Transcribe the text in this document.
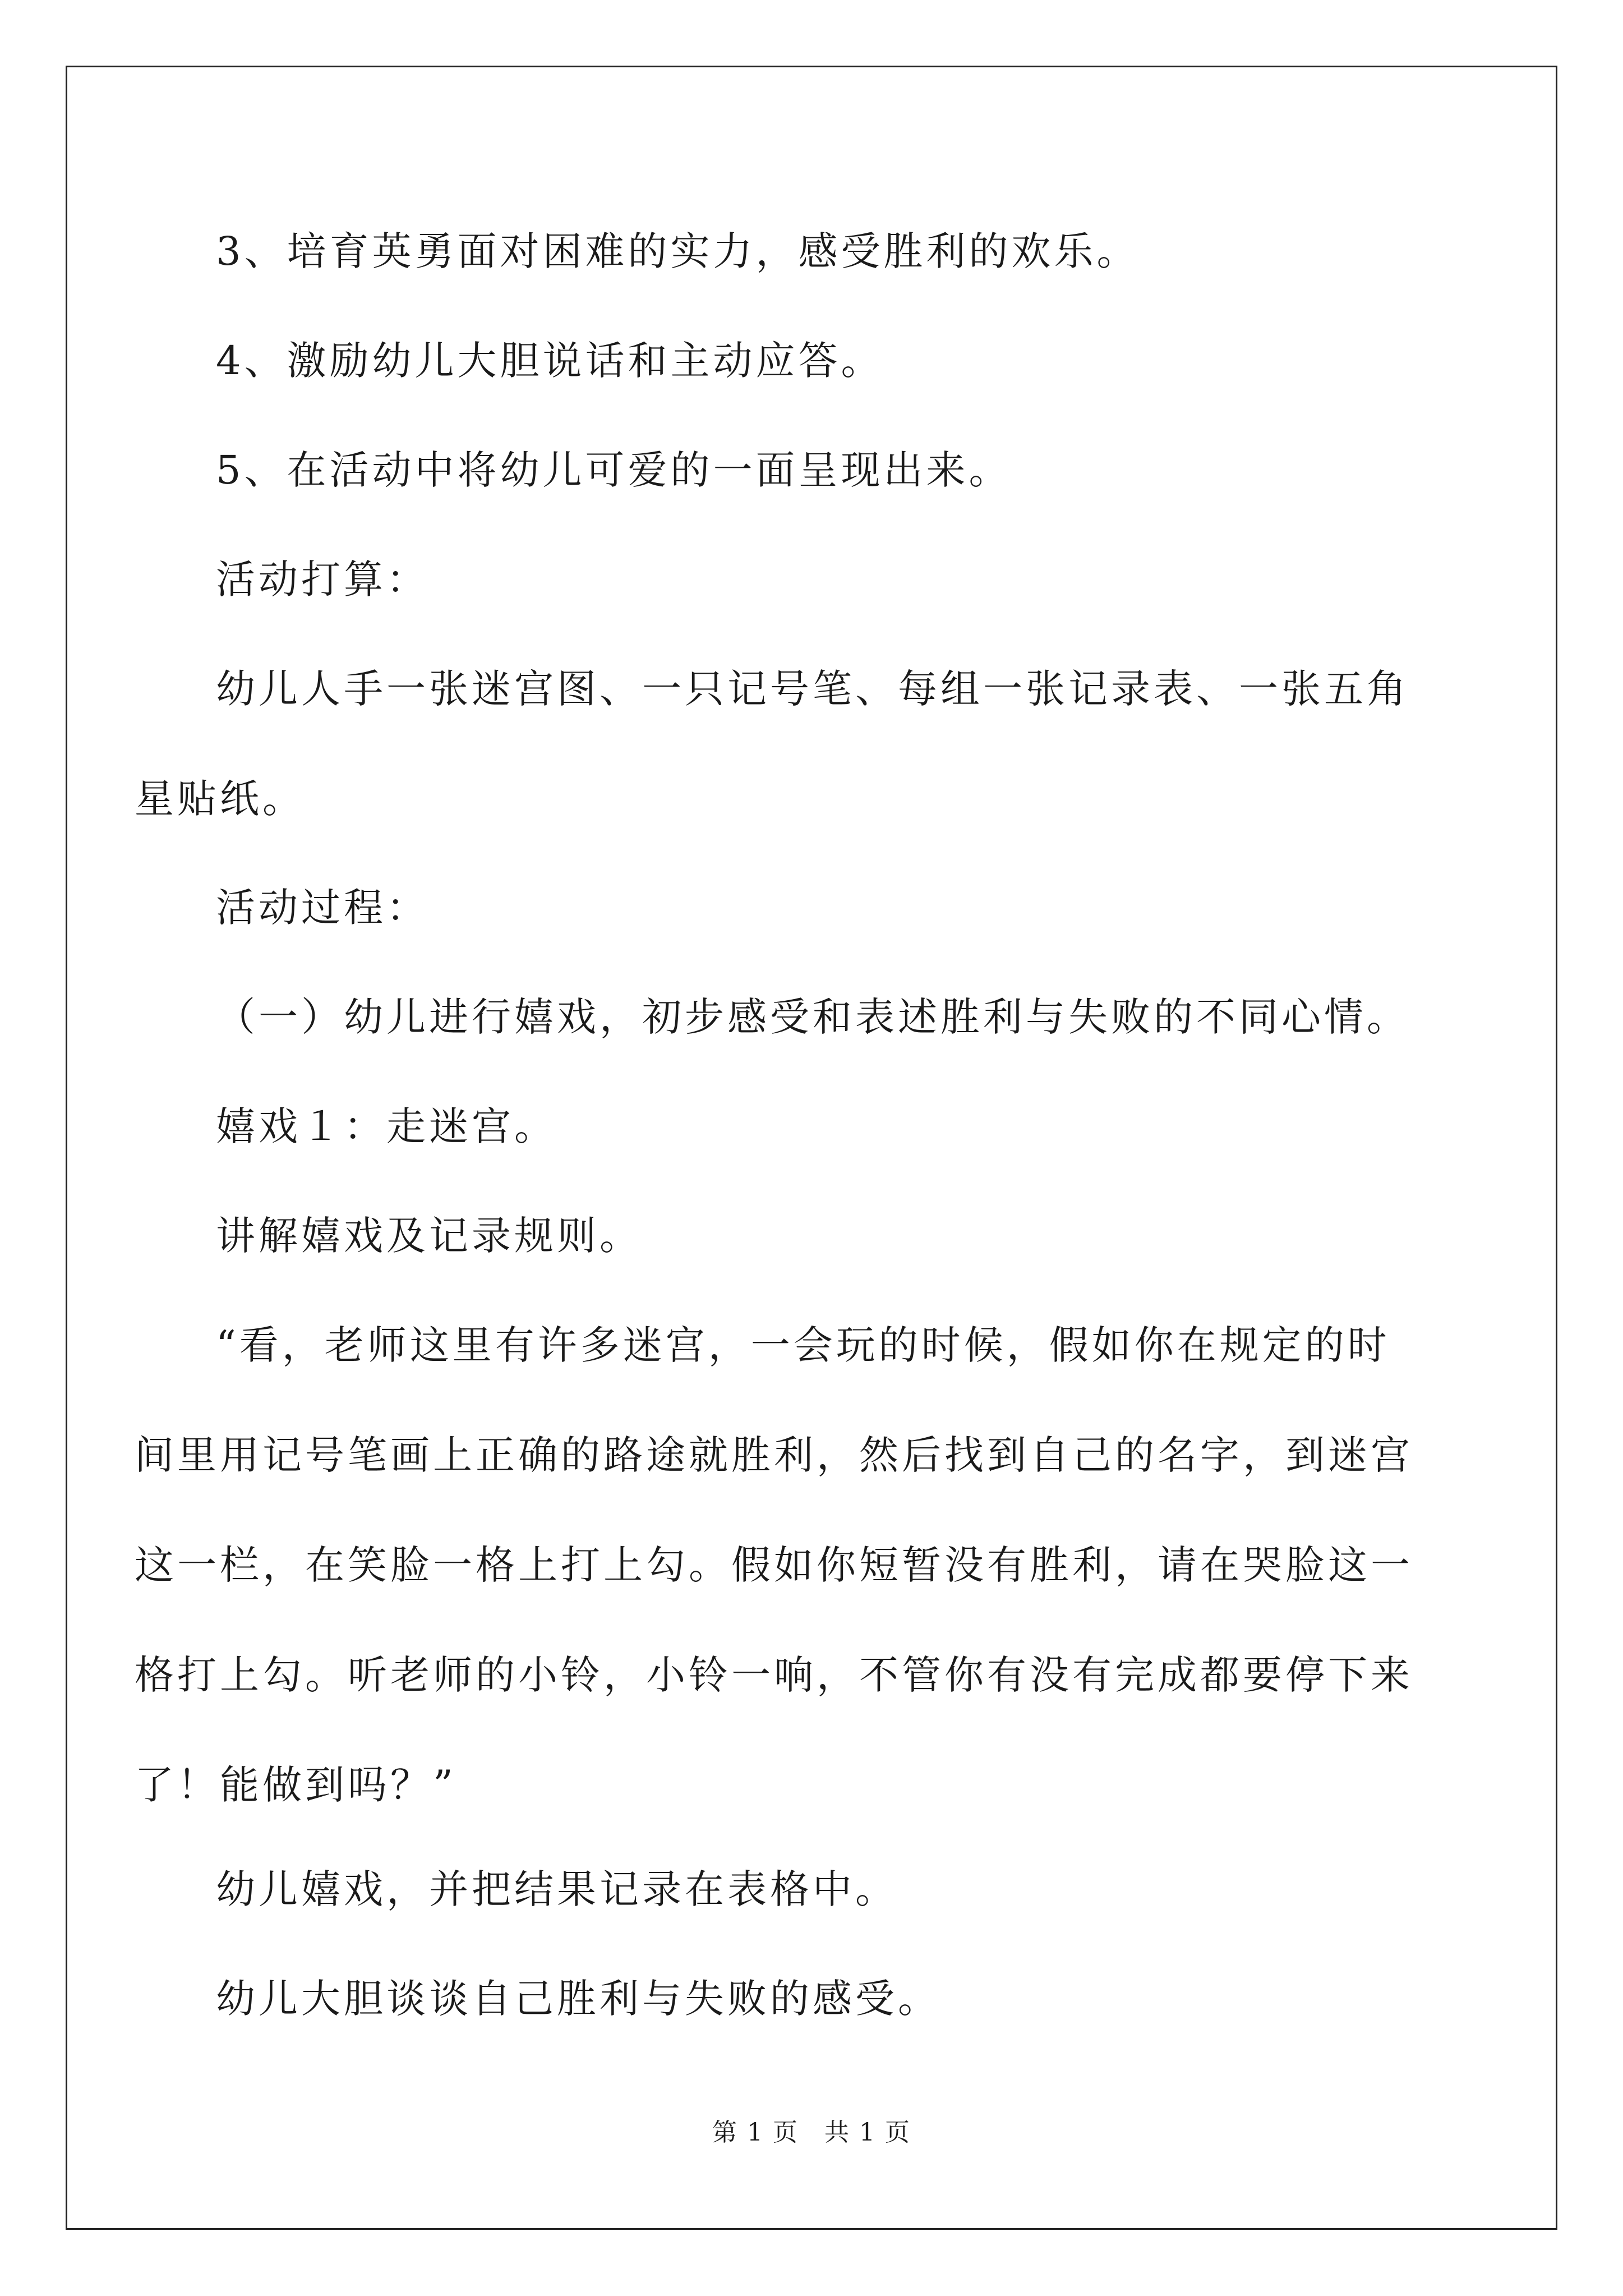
3、培育英勇面对困难的实力，感受胜利的欢乐。

4、激励幼儿大胆说话和主动应答。

5、在活动中将幼儿可爱的一面呈现出来。

活动打算：

幼儿人手一张迷宫图、一只记号笔、每组一张记录表、一张五角
星贴纸。

活动过程：

（一）幼儿进行嬉戏，初步感受和表述胜利与失败的不同心情。

嬉戏１：走迷宫。

讲解嬉戏及记录规则。

“看，老师这里有许多迷宫，一会玩的时候，假如你在规定的时
间里用记号笔画上正确的路途就胜利，然后找到自己的名字，到迷宫
这一栏，在笑脸一格上打上勾。假如你短暂没有胜利，请在哭脸这一
格打上勾。听老师的小铃，小铃一响，不管你有没有完成都要停下来
了！能做到吗？”

幼儿嬉戏，并把结果记录在表格中。

幼儿大胆谈谈自己胜利与失败的感受。

第 1 页　共 1 页
